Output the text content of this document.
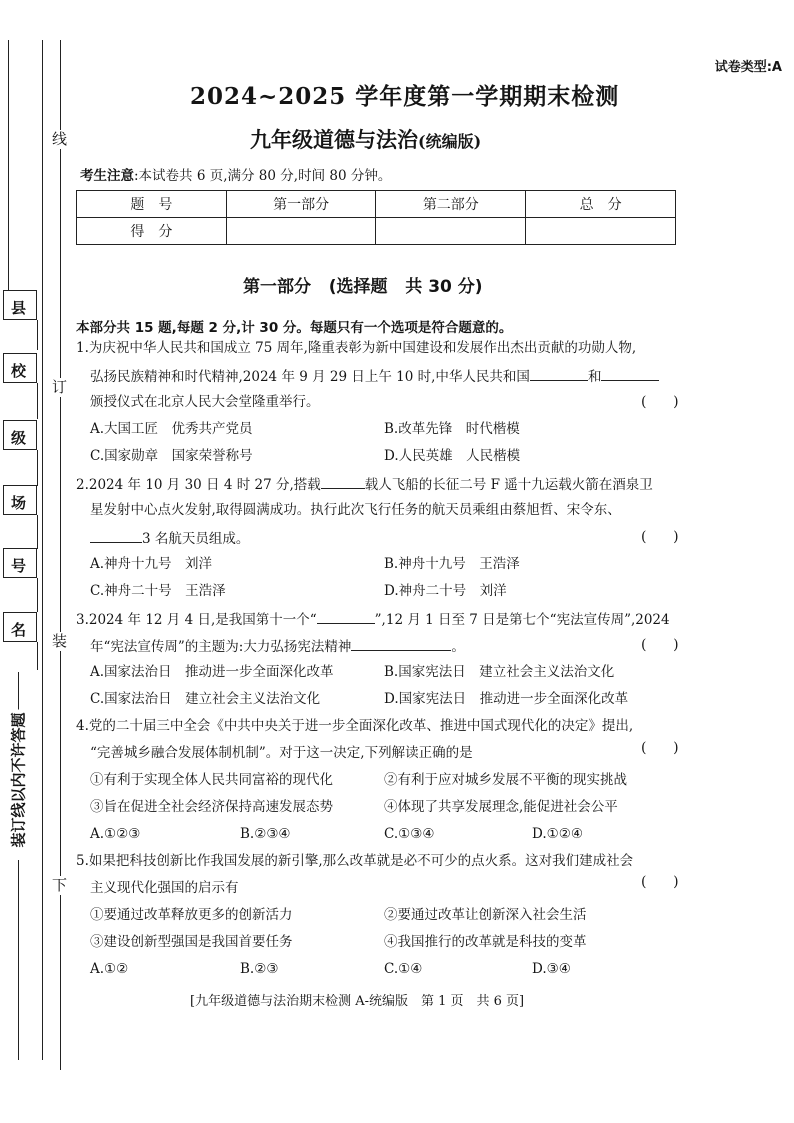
线
订
装
下
县
校
级
场
号
名
装订线以内不许答题
试卷类型:A
2024~2025 学年度第一学期期末检测
九年级道德与法治(统编版)
考生注意:本试卷共 6 页,满分 80 分,时间 80 分钟。
题　号	第一部分	第二部分	总　分
得　分			
第一部分   (选择题   共 30 分)
本部分共 15 题,每题 2 分,计 30 分。每题只有一个选项是符合题意的。
1.为庆祝中华人民共和国成立 75 周年,隆重表彰为新中国建设和发展作出杰出贡献的功勋人物,
弘扬民族精神和时代精神,2024 年 9 月 29 日上午 10 时,中华人民共和国	和
颁授仪式在北京人民大会堂隆重举行。	(      )
A.大国工匠　优秀共产党员	B.改革先锋　时代楷模
C.国家勋章　国家荣誉称号	D.人民英雄　人民楷模
2.2024 年 10 月 30 日 4 时 27 分,搭载	载人飞船的长征二号 F 遥十九运载火箭在酒泉卫
星发射中心点火发射,取得圆满成功。执行此次飞行任务的航天员乘组由蔡旭哲、宋令东、
3 名航天员组成。	(      )
A.神舟十九号　刘洋	B.神舟十九号　王浩泽
C.神舟二十号　王浩泽	D.神舟二十号　刘洋
3.2024 年 12 月 4 日,是我国第十一个“	”,12 月 1 日至 7 日是第七个“宪法宣传周”,2024
年“宪法宣传周”的主题为:大力弘扬宪法精神	。	(      )
A.国家法治日　推动进一步全面深化改革	B.国家宪法日　建立社会主义法治文化
C.国家法治日　建立社会主义法治文化	D.国家宪法日　推动进一步全面深化改革
4.党的二十届三中全会《中共中央关于进一步全面深化改革、推进中国式现代化的决定》提出,
“完善城乡融合发展体制机制”。对于这一决定,下列解读正确的是	(      )
①有利于实现全体人民共同富裕的现代化	②有利于应对城乡发展不平衡的现实挑战
③旨在促进全社会经济保持高速发展态势	④体现了共享发展理念,能促进社会公平
A.①②③	B.②③④	C.①③④	D.①②④
5.如果把科技创新比作我国发展的新引擎,那么改革就是必不可少的点火系。这对我们建成社会
主义现代化强国的启示有	(      )
①要通过改革释放更多的创新活力	②要通过改革让创新深入社会生活
③建设创新型强国是我国首要任务	④我国推行的改革就是科技的变革
A.①②	B.②③	C.①④	D.③④
[九年级道德与法治期末检测 A-统编版　第 1 页　共 6 页]
